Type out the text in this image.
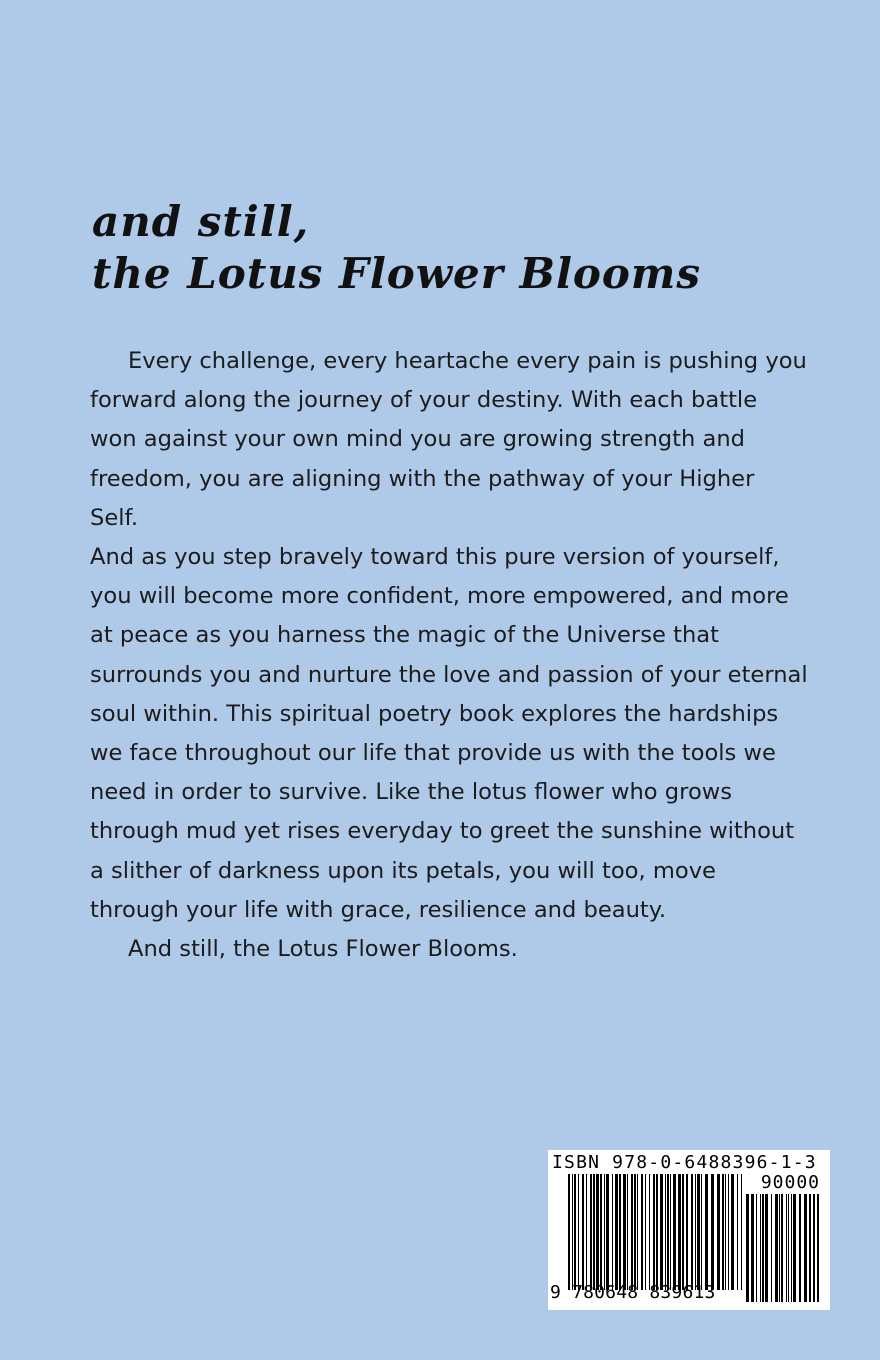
and still,
the Lotus Flower Blooms

Every challenge, every heartache every pain is pushing you forward along the journey of your destiny. With each battle won against your own mind you are growing strength and freedom, you are aligning with the pathway of your Higher Self.

And as you step bravely toward this pure version of yourself, you will become more confident, more empowered, and more at peace as you harness the magic of the Universe that surrounds you and nurture the love and passion of your eternal soul within. This spiritual poetry book explores the hardships we face throughout our life that provide us with the tools we need in order to survive. Like the lotus flower who grows through mud yet rises everyday to greet the sunshine without a slither of darkness upon its petals, you will too, move through your life with grace, resilience and beauty.

And still, the Lotus Flower Blooms.

ISBN 978-0-6488396-1-3
90000
9 780648 839613
